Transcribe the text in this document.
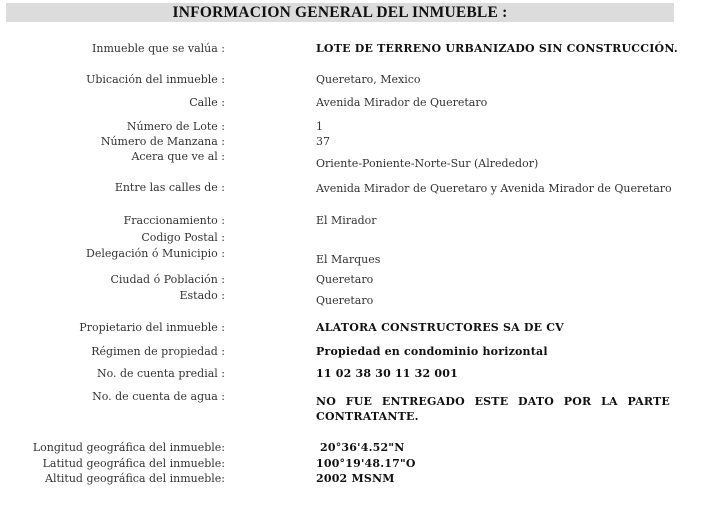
INFORMACION GENERAL DEL INMUEBLE :
Inmueble que se valúa :	LOTE DE TERRENO URBANIZADO SIN CONSTRUCCIÓN.
Ubicación del inmueble :	Queretaro, Mexico
Calle :	Avenida Mirador de Queretaro
Número de Lote :	1
Número de Manzana :	37
Acera que ve al :
Oriente-Poniente-Norte-Sur (Alrededor)
Entre las calles de :	Avenida Mirador de Queretaro y Avenida Mirador de Queretaro
Fraccionamiento :	El Mirador
Codigo Postal :
Delegación ó Municipio :	El Marques
Ciudad ó Población :	Queretaro
Estado :	Queretaro
Propietario del inmueble :	ALATORA CONSTRUCTORES SA DE CV
Régimen de propiedad :	Propiedad en condominio horizontal
No. de cuenta predial :	11 02 38 30 11 32 001
No. de cuenta de agua :	NO FUE ENTREGADO ESTE DATO POR LA PARTE CONTRATANTE.
Longitud geográfica del inmueble:	20°36'4.52"N
Latitud geográfica del inmueble:	100°19'48.17"O
Altitud geográfica del inmueble:	2002 MSNM
